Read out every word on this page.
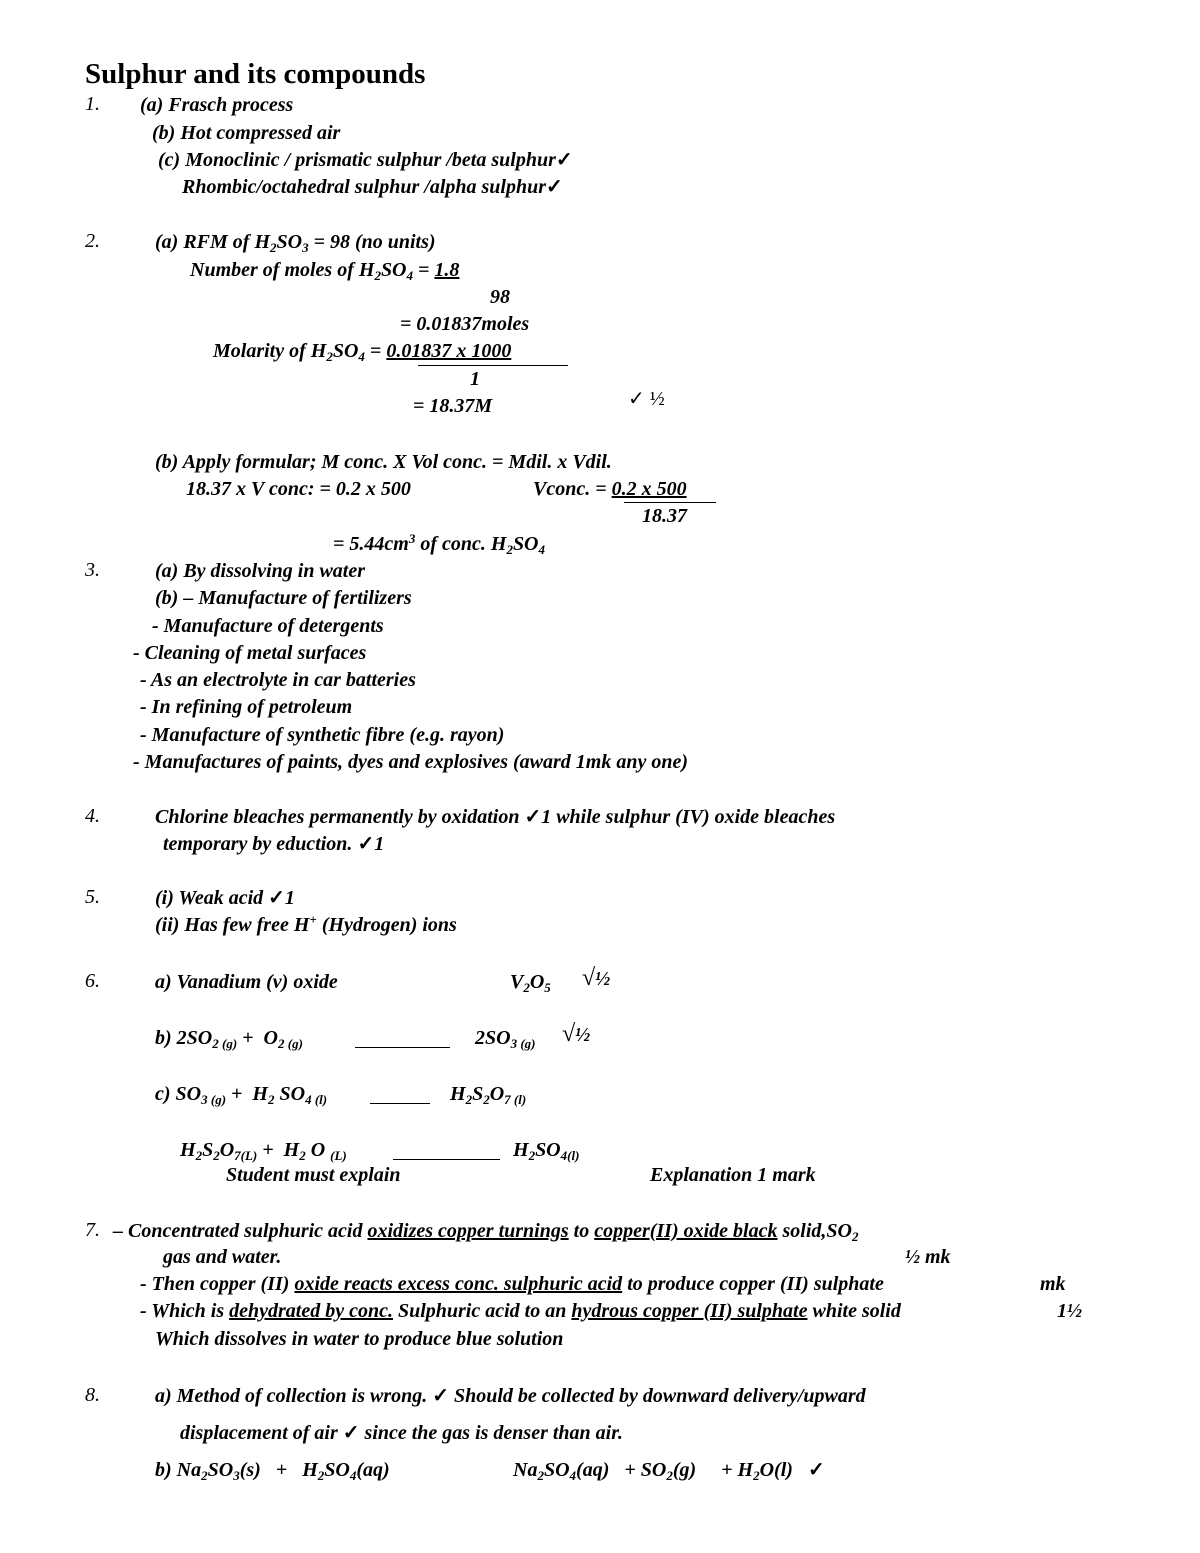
Sulphur and its compounds
1. (a) Frasch process
(b) Hot compressed air
(c) Monoclinic / prismatic sulphur /beta sulphur✓
Rhombic/octahedral sulphur /alpha sulphur✓
2.	(a) RFM of $H_2SO_3 = 98$ (no units)
Number of moles of $H_2SO_4 = 1.8$
98
= 0.01837moles
Molarity of $H_2SO_4 = 0.01837$ x 1000
1
= 18.37M	✓ ½
(b) Apply formular; M conc. X Vol conc. = Mdil. x Vdil.
18.37 x V conc: = 0.2 x 500	Vconc. = 0.2 x 500
18.37
= $5.44cm^3$ of conc. $H_2SO_4$
3.	(a) By dissolving in water
(b) – Manufacture of fertilizers
- Manufacture of detergents
- Cleaning of metal surfaces
- As an electrolyte in car batteries
- In refining of petroleum
- Manufacture of synthetic fibre (e.g. rayon)
- Manufactures of paints, dyes and explosives (award 1mk any one)
4.	Chlorine bleaches permanently by oxidation ✓1 while sulphur (IV) oxide bleaches
temporary by eduction. ✓1
5.	(i) Weak acid ✓1
(ii) Has few free H+ (Hydrogen) ions
6.	a) Vanadium (v) oxide	$V_2O_5$ √½
b) $2SO_{2 (g)} + O_{2 (g)}$	$2SO_{3 (g)}$ √½
c) $SO_{3 (g)} + H_2$ $SO_{4 (l)}$	$H_2S_2O_{7 (l)}$
$H_2S_2O_{7(L)} + H_2$ O $_{(L)}$	$H_2SO_{4(l)}$
Student must explain	Explanation 1 mark
7. – Concentrated sulphuric acid oxidizes copper turnings to copper(II) oxide black $solid,SO_2$
gas and water.	½ mk
- Then copper (II) oxide reacts excess conc. sulphuric acid to produce copper (II) sulphate	mk
- Which is dehydrated by conc. Sulphuric acid to an hydrous copper (II) sulphate white solid	1½
Which dissolves in water to produce blue solution
8.	a) Method of collection is wrong. ✓ Should be collected by downward delivery/upward
displacement of air ✓ since the gas is denser than air.
b) $Na_2SO_3(s) + H_2SO_4(aq)$	$Na_2SO_4(aq) + SO_2(g)$     + $H_2O(l)$   ✓
